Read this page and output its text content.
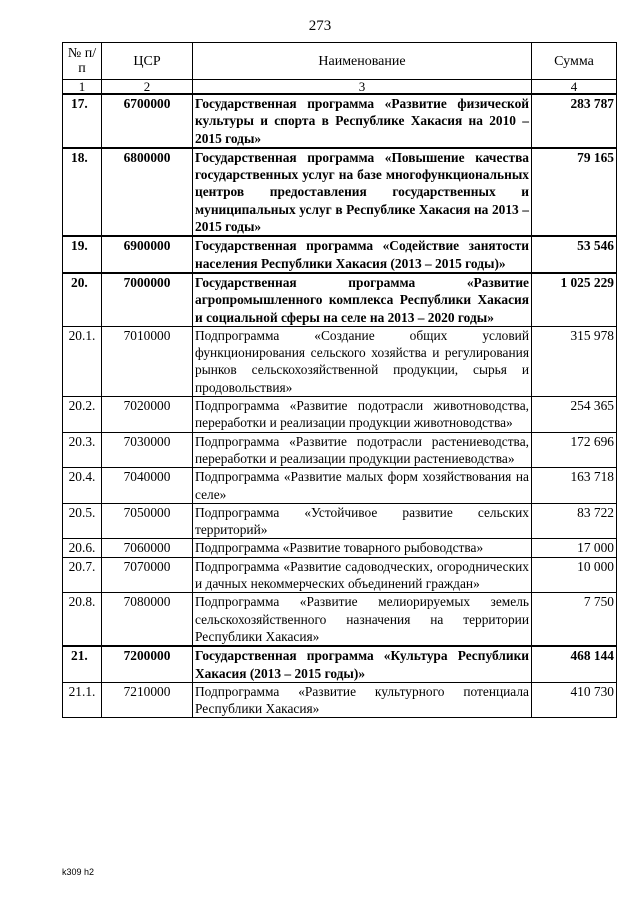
273
№ п/п	ЦСР	Наименование	Сумма
1	2	3	4
17.	6700000	Государственная программа «Развитие физической культуры и спорта в Республике Хакасия на 2010 – 2015 годы»	283 787
18.	6800000	Государственная программа «Повышение качества государственных услуг на базе многофункциональных центров предоставления государственных и муниципальных услуг в Республике Хакасия на 2013 – 2015 годы»	79 165
19.	6900000	Государственная программа «Содействие занятости населения Республики Хакасия (2013 – 2015 годы)»	53 546
20.	7000000	Государственная программа «Развитие агропромышленного комплекса Республики Хакасия и социальной сферы на селе на 2013 – 2020 годы»	1 025 229
20.1.	7010000	Подпрограмма «Создание общих условий функционирования сельского хозяйства и регулирования рынков сельскохозяйственной продукции, сырья и продовольствия»	315 978
20.2.	7020000	Подпрограмма «Развитие подотрасли животноводства, переработки и реализации продукции животноводства»	254 365
20.3.	7030000	Подпрограмма «Развитие подотрасли растениеводства, переработки и реализации продукции растениеводства»	172 696
20.4.	7040000	Подпрограмма «Развитие малых форм хозяйствования на селе»	163 718
20.5.	7050000	Подпрограмма «Устойчивое развитие сельских территорий»	83 722
20.6.	7060000	Подпрограмма «Развитие товарного рыбоводства»	17 000
20.7.	7070000	Подпрограмма «Развитие садоводческих, огороднических и дачных некоммерческих объединений граждан»	10 000
20.8.	7080000	Подпрограмма «Развитие мелиорируемых земель сельскохозяйственного назначения на территории Республики Хакасия»	7 750
21.	7200000	Государственная программа «Культура Республики Хакасия (2013 – 2015 годы)»	468 144
21.1.	7210000	Подпрограмма «Развитие культурного потенциала Республики Хакасия»	410 730
k309 h2
